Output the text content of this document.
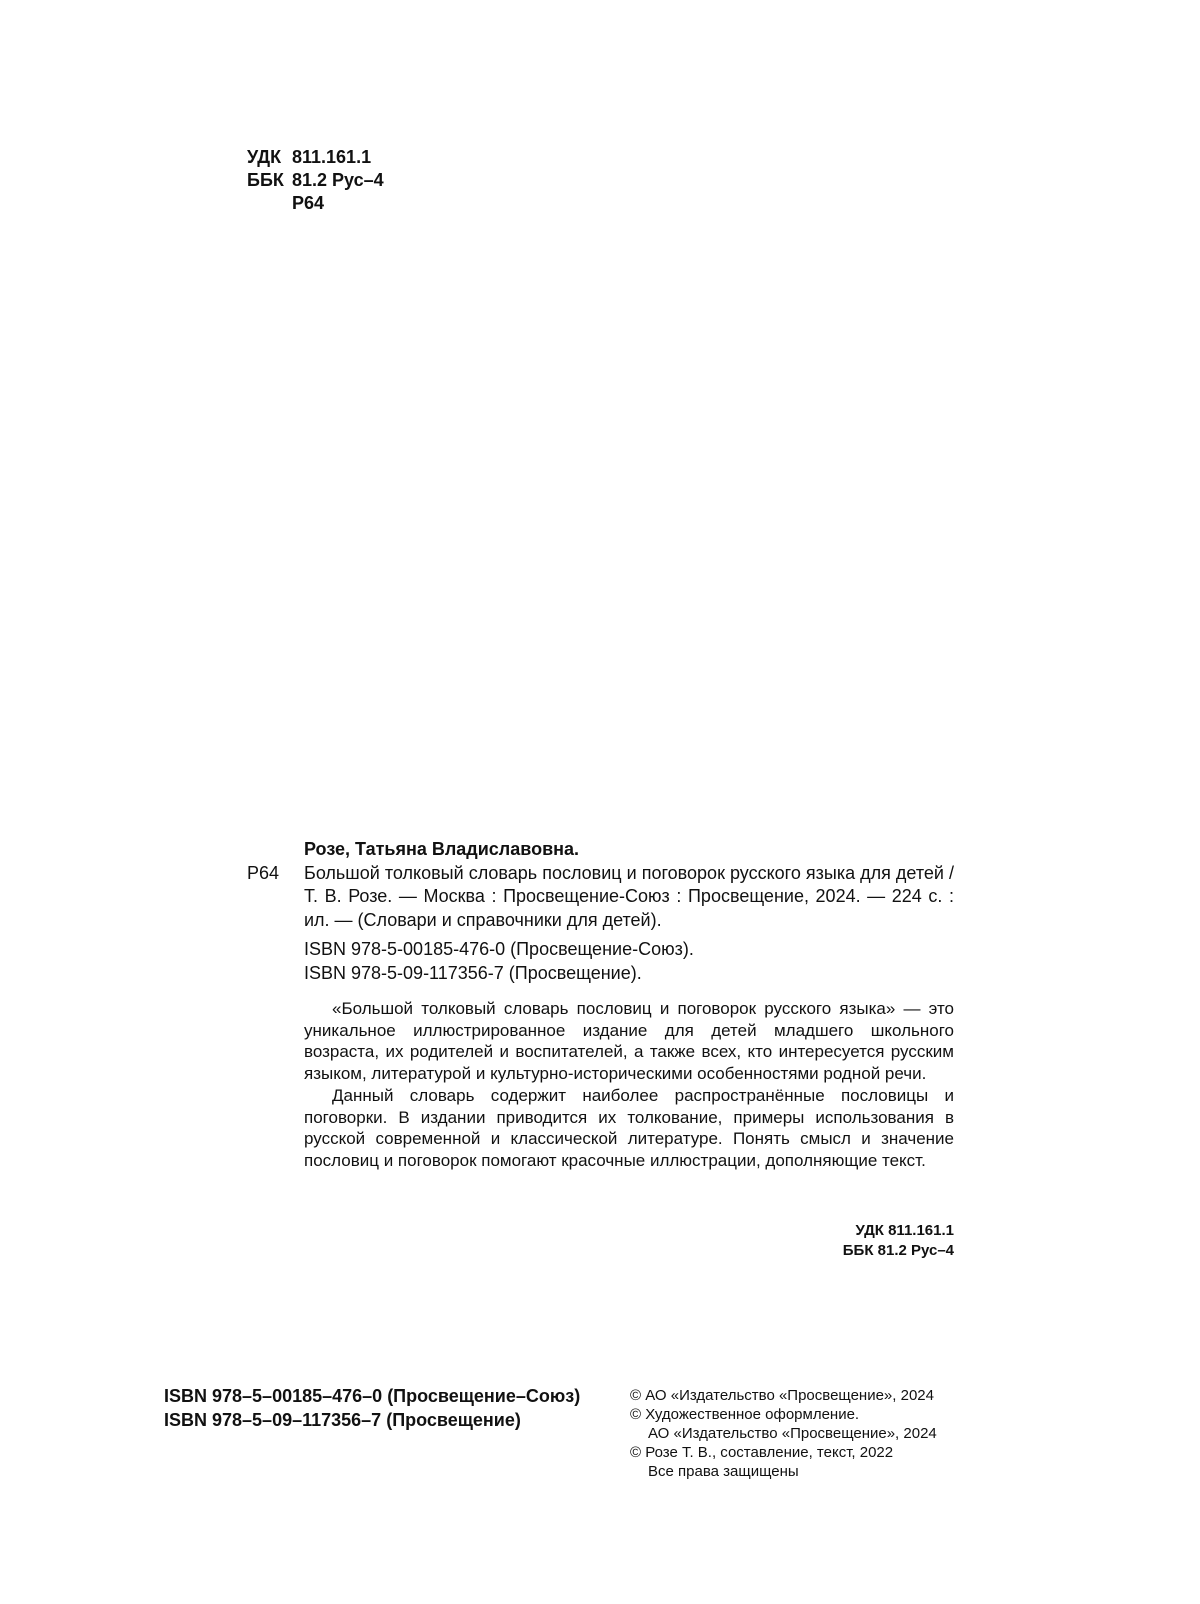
УДК 811.161.1
ББК 81.2 Рус–4
Р64
Розе, Татьяна Владиславовна.
Р64	Большой толковый словарь пословиц и поговорок русского языка для детей / Т. В. Розе. — Москва : Просвещение-Союз : Просвещение, 2024. — 224 с. : ил. — (Словари и справочники для детей).
ISBN 978-5-00185-476-0 (Просвещение-Союз).
ISBN 978-5-09-117356-7 (Просвещение).

«Большой толковый словарь пословиц и поговорок русского языка» — это уникальное иллюстрированное издание для детей младшего школьного возраста, их родителей и воспитателей, а также всех, кто интересуется русским языком, литературой и культурно-историческими особенностями родной речи.

Данный словарь содержит наиболее распространённые пословицы и поговорки. В издании приводится их толкование, примеры использования в русской современной и классической литературе. Понять смысл и значение пословиц и поговорок помогают красочные иллюстрации, дополняющие текст.

УДК 811.161.1
ББК 81.2 Рус–4
ISBN 978–5–00185–476–0 (Просвещение–Союз)
ISBN 978–5–09–117356–7 (Просвещение)
© АО «Издательство «Просвещение», 2024
© Художественное оформление.
АО «Издательство «Просвещение», 2024
© Розе Т. В., составление, текст, 2022
Все права защищены
